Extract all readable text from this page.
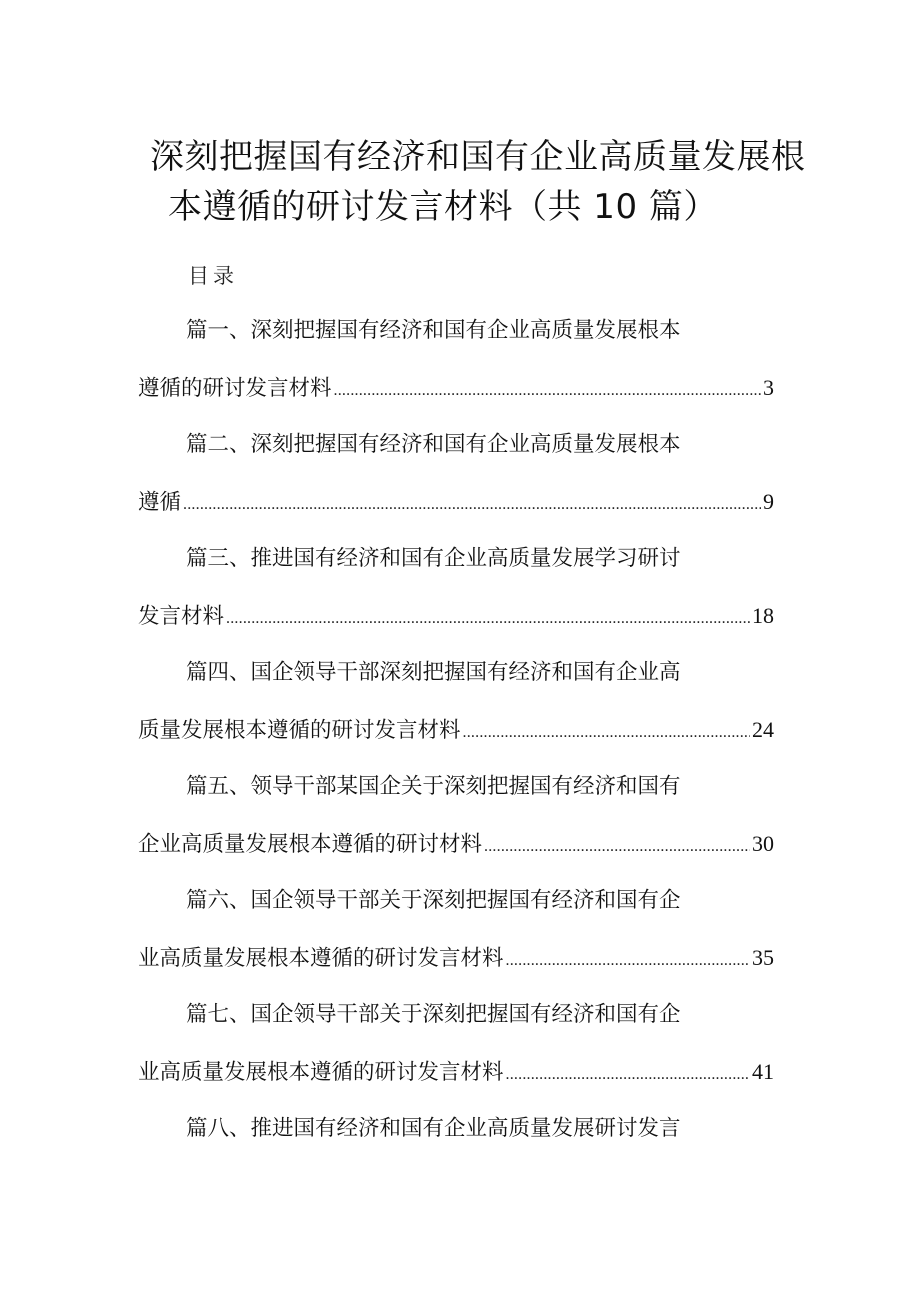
深刻把握国有经济和国有企业高质量发展根
本遵循的研讨发言材料（共 10 篇）
目录
篇一、深刻把握国有经济和国有企业高质量发展根本
遵循的研讨发言材料 .....	3
篇二、深刻把握国有经济和国有企业高质量发展根本
遵循 .....	9
篇三、推进国有经济和国有企业高质量发展学习研讨
发言材料 .....	18
篇四、国企领导干部深刻把握国有经济和国有企业高
质量发展根本遵循的研讨发言材料 .....	24
篇五、领导干部某国企关于深刻把握国有经济和国有
企业高质量发展根本遵循的研讨材料 .....	30
篇六、国企领导干部关于深刻把握国有经济和国有企
业高质量发展根本遵循的研讨发言材料 .....	35
篇七、国企领导干部关于深刻把握国有经济和国有企
业高质量发展根本遵循的研讨发言材料 .....	41
篇八、推进国有经济和国有企业高质量发展研讨发言
